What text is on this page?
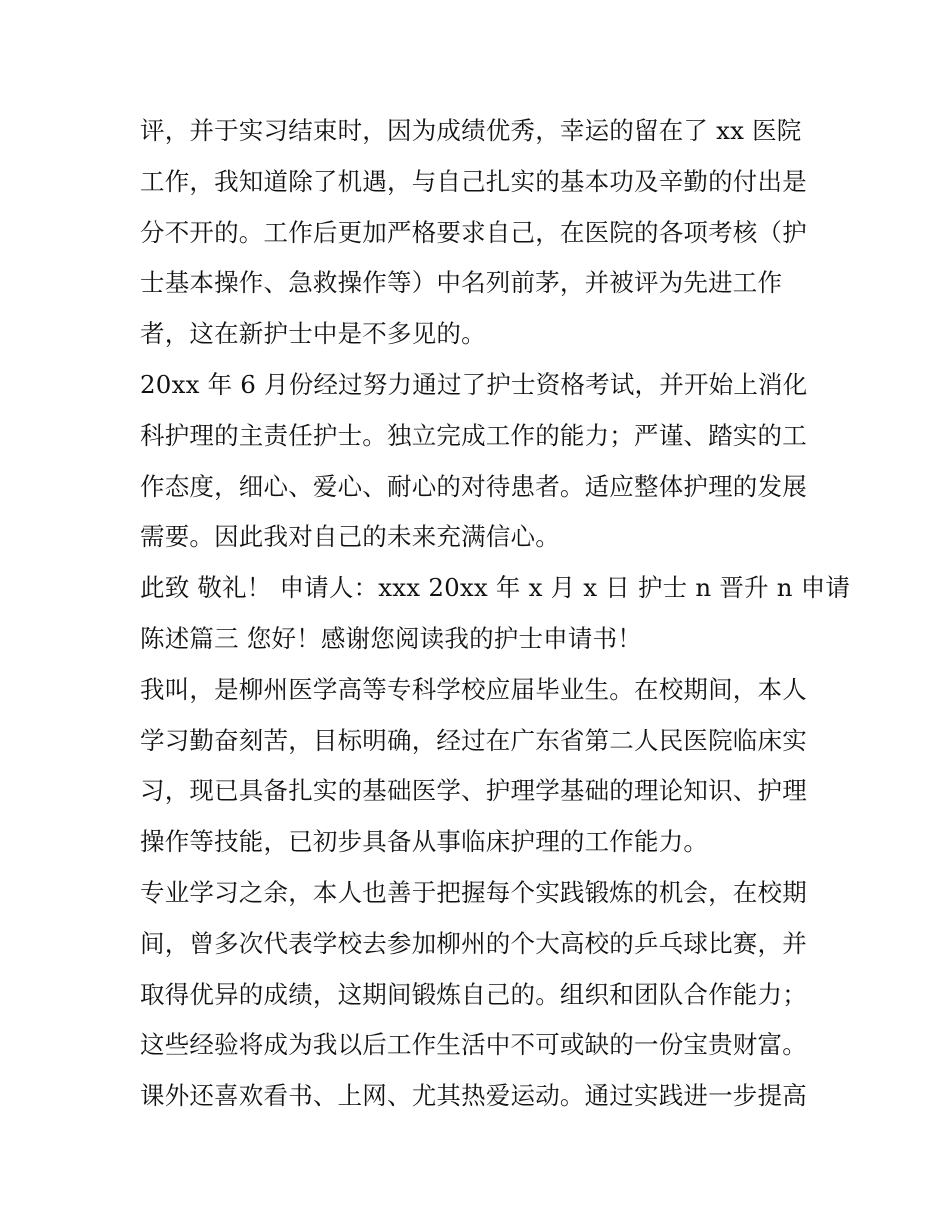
评，并于实习结束时，因为成绩优秀，幸运的留在了 xx 医院
工作，我知道除了机遇，与自己扎实的基本功及辛勤的付出是
分不开的。工作后更加严格要求自己，在医院的各项考核（护
士基本操作、急救操作等）中名列前茅，并被评为先进工作
者，这在新护士中是不多见的。
20xx 年 6 月份经过努力通过了护士资格考试，并开始上消化
科护理的主责任护士。独立完成工作的能力；严谨、踏实的工
作态度，细心、爱心、耐心的对待患者。适应整体护理的发展
需要。因此我对自己的未来充满信心。
此致 敬礼！ 申请人：xxx 20xx 年 x 月 x 日 护士 n 晋升 n 申请
陈述篇三 您好！感谢您阅读我的护士申请书！
我叫，是柳州医学高等专科学校应届毕业生。在校期间，本人
学习勤奋刻苦，目标明确，经过在广东省第二人民医院临床实
习，现已具备扎实的基础医学、护理学基础的理论知识、护理
操作等技能，已初步具备从事临床护理的工作能力。
专业学习之余，本人也善于把握每个实践锻炼的机会，在校期
间，曾多次代表学校去参加柳州的个大高校的乒乓球比赛，并
取得优异的成绩，这期间锻炼自己的。组织和团队合作能力；
这些经验将成为我以后工作生活中不可或缺的一份宝贵财富。
课外还喜欢看书、上网、尤其热爱运动。通过实践进一步提高
